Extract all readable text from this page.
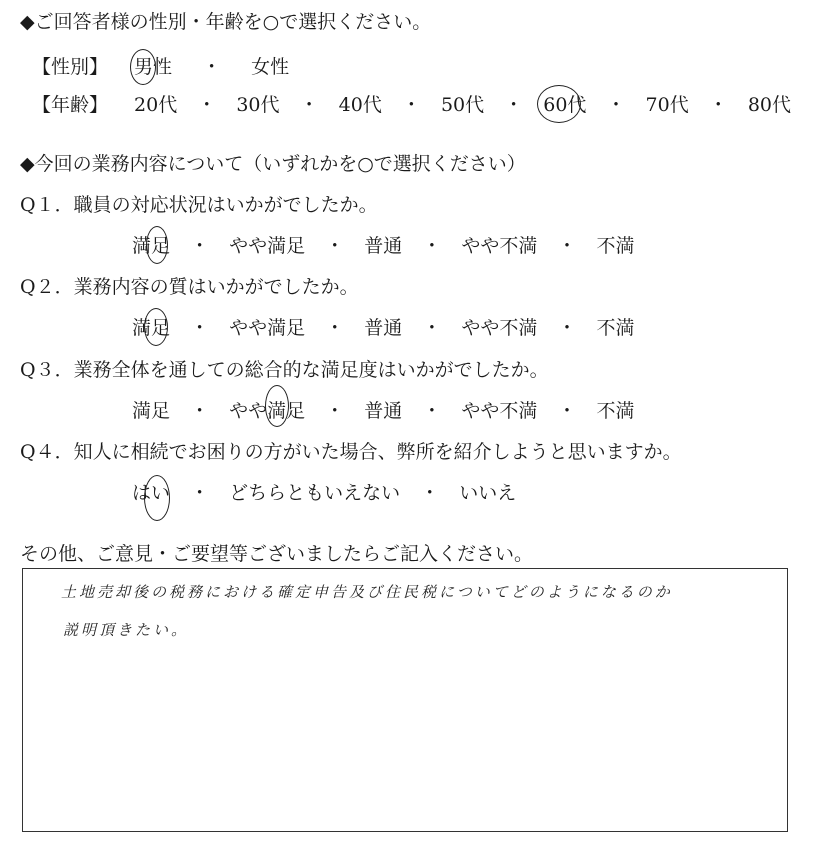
◆ご回答者様の性別・年齢を○で選択ください。
【性別】 男性 ・ 女性
【年齢】 20代 ・ 30代 ・ 40代 ・ 50代 ・ 60代 ・ 70代 ・ 80代
◆今回の業務内容について（いずれかを○で選択ください）
Q１．職員の対応状況はいかがでしたか。
満足 ・ やや満足 ・ 普通 ・ やや不満 ・ 不満
Q２．業務内容の質はいかがでしたか。
満足 ・ やや満足 ・ 普通 ・ やや不満 ・ 不満
Q３．業務全体を通しての総合的な満足度はいかがでしたか。
満足 ・ やや満足 ・ 普通 ・ やや不満 ・ 不満
Q４．知人に相続でお困りの方がいた場合、弊所を紹介しようと思いますか。
はい ・ どちらともいえない ・ いいえ
その他、ご意見・ご要望等ございましたらご記入ください。
土地売却後の税務における確定申告及び住民税についてどのようになるのか
説明頂きたい。
